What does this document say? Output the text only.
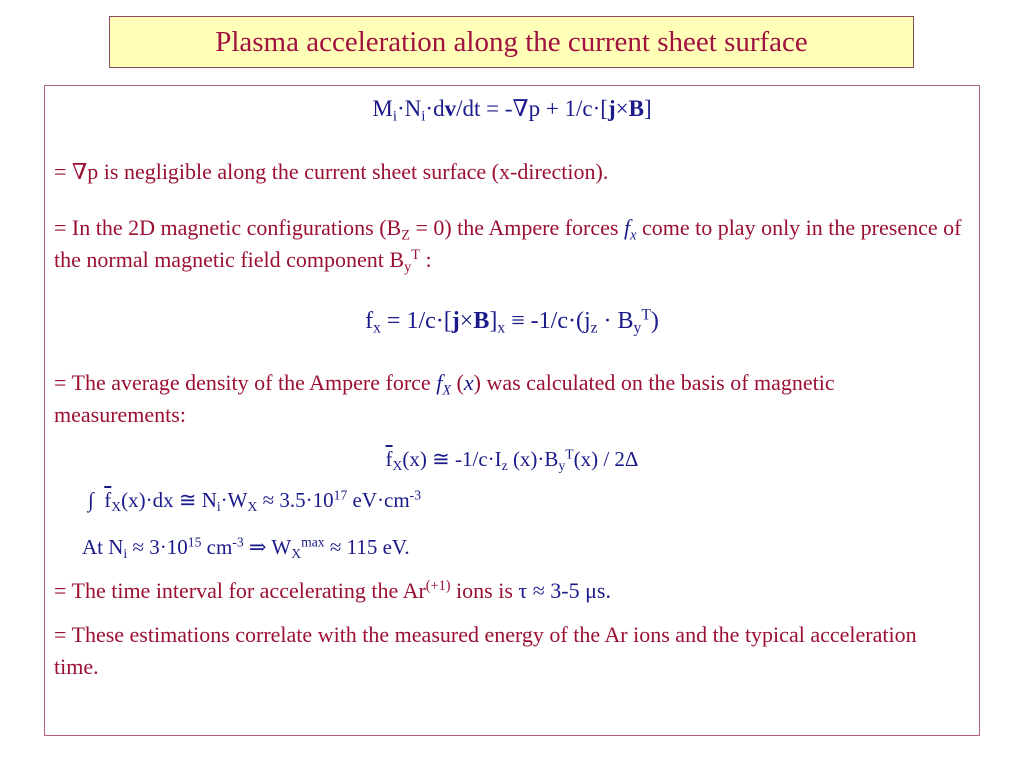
Plasma acceleration along the current sheet surface
$M_i\cdot N_i\cdot dv/dt = -\nabla p + 1/c\cdot[j\times B]$
= ∇p is negligible along the current sheet surface (x-direction).
= In the 2D magnetic configurations $(B_Z = 0)$ the Ampere forces $f_x$ come to play only in the presence of the normal magnetic field component $B_y^T$ :
$f_x = 1/c\cdot[j\times B]_x \equiv -1/c\cdot(j_z \cdot B_y^T)$
= The average density of the Ampere force $f_X$ (x) was calculated on the basis of magnetic measurements:
$\overline{f}_X(x)$ ≅ $-1/c\cdot I_z$ $(x)\cdot B_y^T(x) / 2\Delta$
∫ $\overline{f}_X(x)\cdot dx$ ≅ $N_i\cdot W_X \approx 3.5\cdot 10^{17}$ $eV\cdot cm^{-3}$
At $N_i \approx 3\cdot 10^{15}$ $cm^{-3}$ ⇒ $W_X^{max} \approx 115$ eV.
= The time interval for accelerating the $Ar^{(+1)}$ ions is τ ≈ 3-5 μs.
= These estimations correlate with the measured energy of the Ar ions and the typical acceleration time.
